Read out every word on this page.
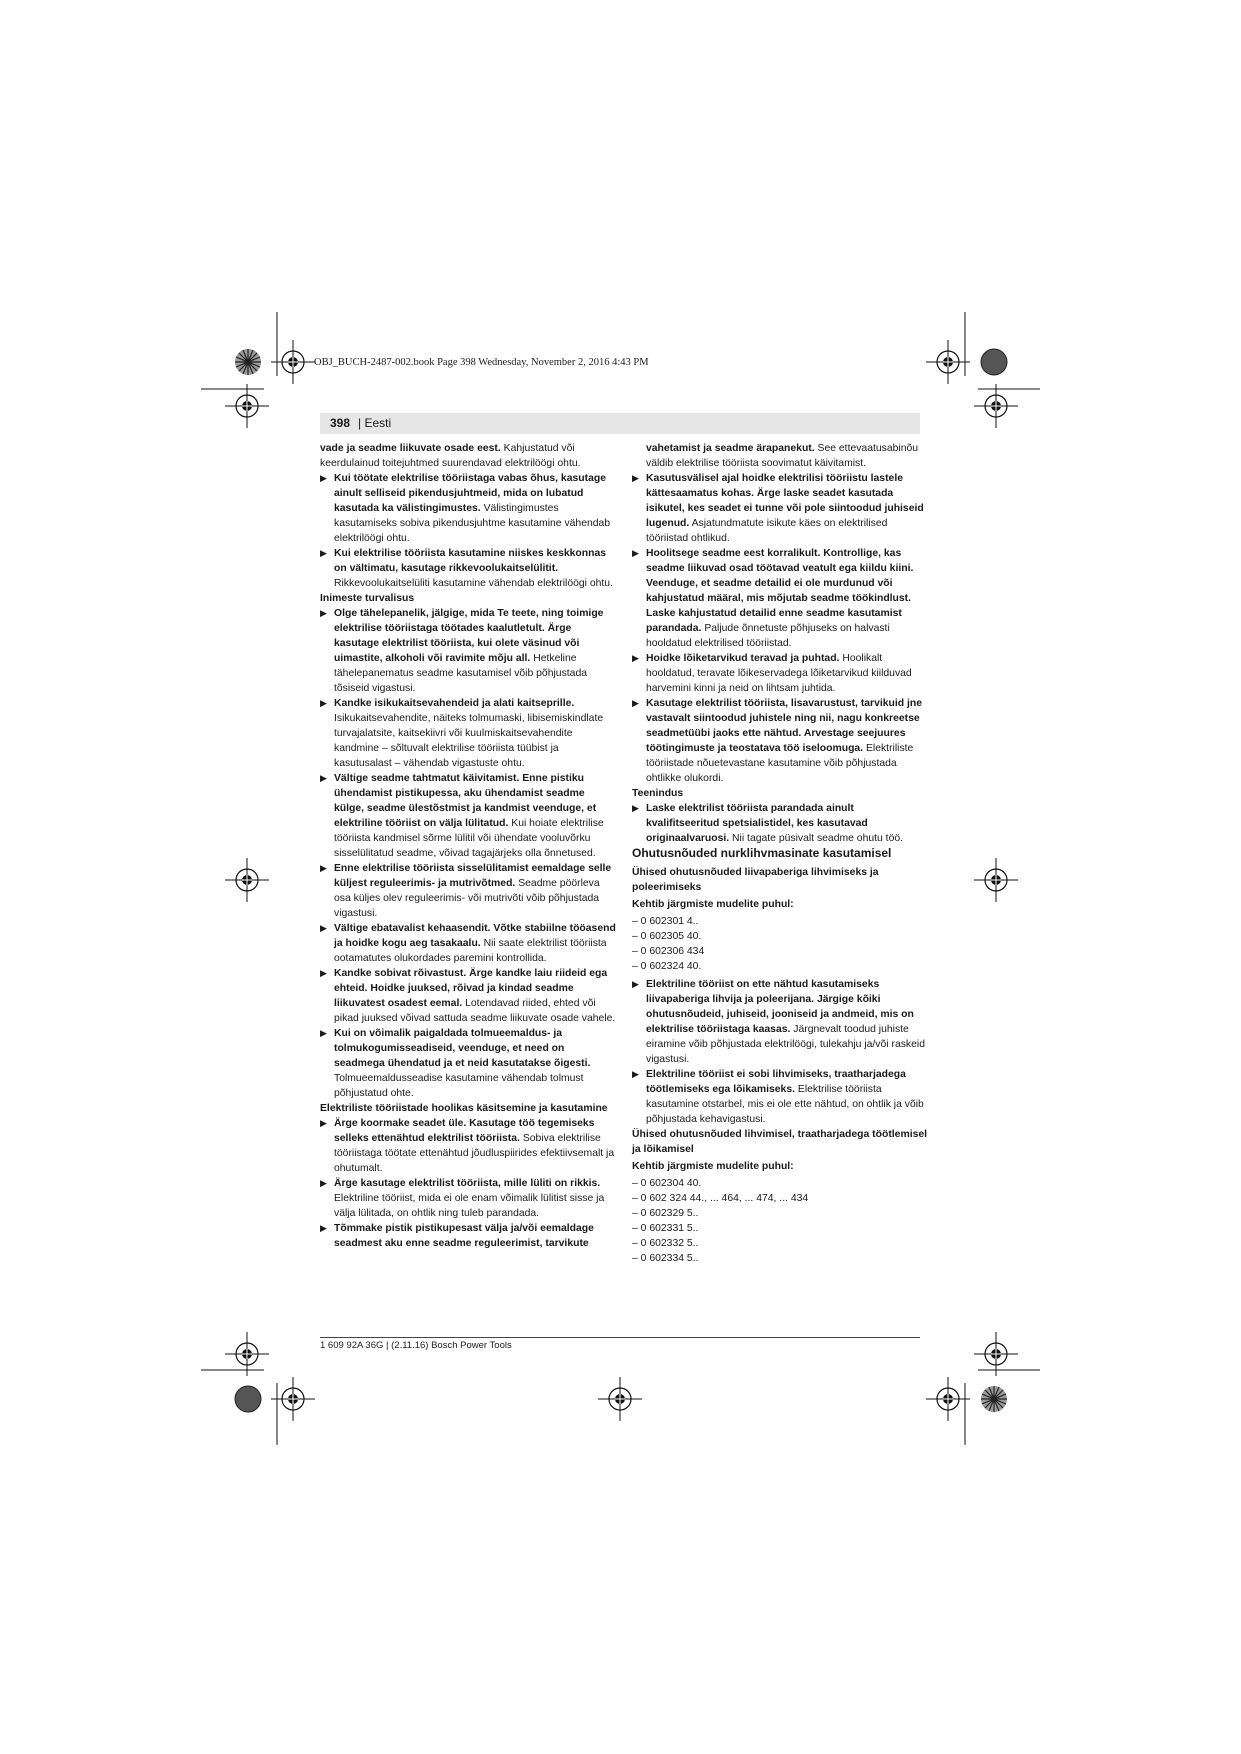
OBJ_BUCH-2487-002.book Page 398 Wednesday, November 2, 2016 4:43 PM
398 | Eesti

vade ja seadme liikuvate osade eest. Kahjustatud või keerdulainud toitejuhtmed suurendavad elektrilöögi ohtu.

▶ Kui töötate elektrilise tööriistaga vabas õhus, kasutage ainult selliseid pikendusjuhtmeid, mida on lubatud kasutada ka välistingimustes. Välistingimustes kasutamiseks sobiva pikendusjuhtme kasutamine vähendab elektrilöögi ohtu.

▶ Kui elektrilise tööriista kasutamine niiskes keskkonnas on vältimatu, kasutage rikkevoolukaitselülitit. Rikkevoolukaitselüliti kasutamine vähendab elektrilöögi ohtu.

Inimeste turvalisus

▶ Olge tähelepanelik, jälgige, mida Te teete, ning toimige elektrilise tööriistaga töötades kaalutletult. Ärge kasutage elektrilist tööriista, kui olete väsinud või uimastite, alkoholi või ravimite mõju all. Hetkeline tähelepanematus seadme kasutamisel võib põhjustada tõsiseid vigastusi.

▶ Kandke isikukaitsevahendeid ja alati kaitseprille. Isikukaitsevahendite, näiteks tolmumaski, libisemiskindlate turvajalatsite, kaitsekiivri või kuulmiskaitsevahendite kandmine – sõltuvalt elektrilise tööriista tüübist ja kasutusalast – vähendab vigastuste ohtu.

▶ Vältige seadme tahtmatut käivitamist. Enne pistiku ühendamist pistikupessa, aku ühendamist seadme külge, seadme ülestõstmist ja kandmist veenduge, et elektriline tööriist on välja lülitatud. Kui hoiate elektrilise tööriista kandmisel sõrme lülitil või ühendate vooluvõrku sisselülitatud seadme, võivad tagajärjeks olla õnnetused.

▶ Enne elektrilise tööriista sisselülitamist eemaldage selle küljest reguleerimis- ja mutrivõtmed. Seadme pöörleva osa küljes olev reguleerimis- või mutrivõti võib põhjustada vigastusi.

▶ Vältige ebatavalist kehaasendit. Võtke stabiilne tööasend ja hoidke kogu aeg tasakaalu. Nii saate elektrilist tööriista ootamatutes olukordades paremini kontrollida.

▶ Kandke sobivat rõivastust. Ärge kandke laiu riideid ega ehteid. Hoidke juuksed, rõivad ja kindad seadme liikuvatest osadest eemal. Lotendavad riided, ehted või pikad juuksed võivad sattuda seadme liikuvate osade vahele.

▶ Kui on võimalik paigaldada tolmueemaldus- ja tolmukogumisseadiseid, veenduge, et need on seadmega ühendatud ja et neid kasutatakse õigesti. Tolmueemaldusseadise kasutamine vähendab tolmust põhjustatud ohte.

Elektriliste tööriistade hoolikas käsitsemine ja kasutamine

▶ Ärge koormake seadet üle. Kasutage töö tegemiseks selleks ettenähtud elektrilist tööriista. Sobiva elektrilise tööriistaga töötate ettenähtud jõudluspiirides efektiivsemalt ja ohutumalt.

▶ Ärge kasutage elektrilist tööriista, mille lüliti on rikkis. Elektriline tööriist, mida ei ole enam võimalik lülitist sisse ja välja lülitada, on ohtlik ning tuleb parandada.

▶ Tõmmake pistik pistikupesast välja ja/või eemaldage seadmest aku enne seadme reguleerimist, tarvikute

vahetamist ja seadme ärapanekut. See ettevaatusabinõu väldib elektrilise tööriista soovimatut käivitamist.

▶ Kasutusvälisel ajal hoidke elektrilisi tööriistu lastele kättesaamatus kohas. Ärge laske seadet kasutada isikutel, kes seadet ei tunne või pole siintoodud juhiseid lugenud. Asjatundmatute isikute käes on elektrilised tööriistad ohtlikud.

▶ Hoolitsege seadme eest korralikult. Kontrollige, kas seadme liikuvad osad töötavad veatult ega kiildu kiini. Veenduge, et seadme detailid ei ole murdunud või kahjustatud määral, mis mõjutab seadme töökindlust. Laske kahjustatud detailid enne seadme kasutamist parandada. Paljude õnnetuste põhjuseks on halvasti hooldatud elektrilised tööriistad.

▶ Hoidke lõiketarvikud teravad ja puhtad. Hoolikalt hooldatud, teravate lõikeservadega lõiketarvikud kiilduvad harvemini kinni ja neid on lihtsam juhtida.

▶ Kasutage elektrilist tööriista, lisavarustust, tarvikuid jne vastavalt siintoodud juhistele ning nii, nagu konkreetse seadmetüübi jaoks ette nähtud. Arvestage seejuures töötingimuste ja teostatava töö iseloomuga. Elektriliste tööriistade nõuetevastane kasutamine võib põhjustada ohtlikke olukordi.

Teenindus

▶ Laske elektrilist tööriista parandada ainult kvalifitseeritud spetsialistidel, kes kasutavad originaalvaruosi. Nii tagate püsivalt seadme ohutu töö.

Ohutusnõuded nurklihvmasinate kasutamisel

Ühised ohutusnõuded liivapaberiga lihvimiseks ja poleerimiseks

Kehtib järgmiste mudelite puhul:

– 0 602301 4..

– 0 602305 40.

– 0 602306 434

– 0 602324 40.

▶ Elektriline tööriist on ette nähtud kasutamiseks liivapaberiga lihvija ja poleerijana. Järgige kõiki ohutusnõudeid, juhiseid, jooniseid ja andmeid, mis on elektrilise tööriistaga kaasas. Järgnevalt toodud juhiste eiramine võib põhjustada elektrilöögi, tulekahju ja/või raskeid vigastusi.

▶ Elektriline tööriist ei sobi lihvimiseks, traatharjadega töötlemiseks ega lõikamiseks. Elektrilise tööriista kasutamine otstarbel, mis ei ole ette nähtud, on ohtlik ja võib põhjustada kehavigastusi.

Ühised ohutusnõuded lihvimisel, traatharjadega töötlemisel ja lõikamisel

Kehtib järgmiste mudelite puhul:

– 0 602304 40.

– 0 602 324 44., ... 464, ... 474, ... 434

– 0 602329 5..

– 0 602331 5..

– 0 602332 5..

– 0 602334 5..

1 609 92A 36G | (2.11.16) Bosch Power Tools
